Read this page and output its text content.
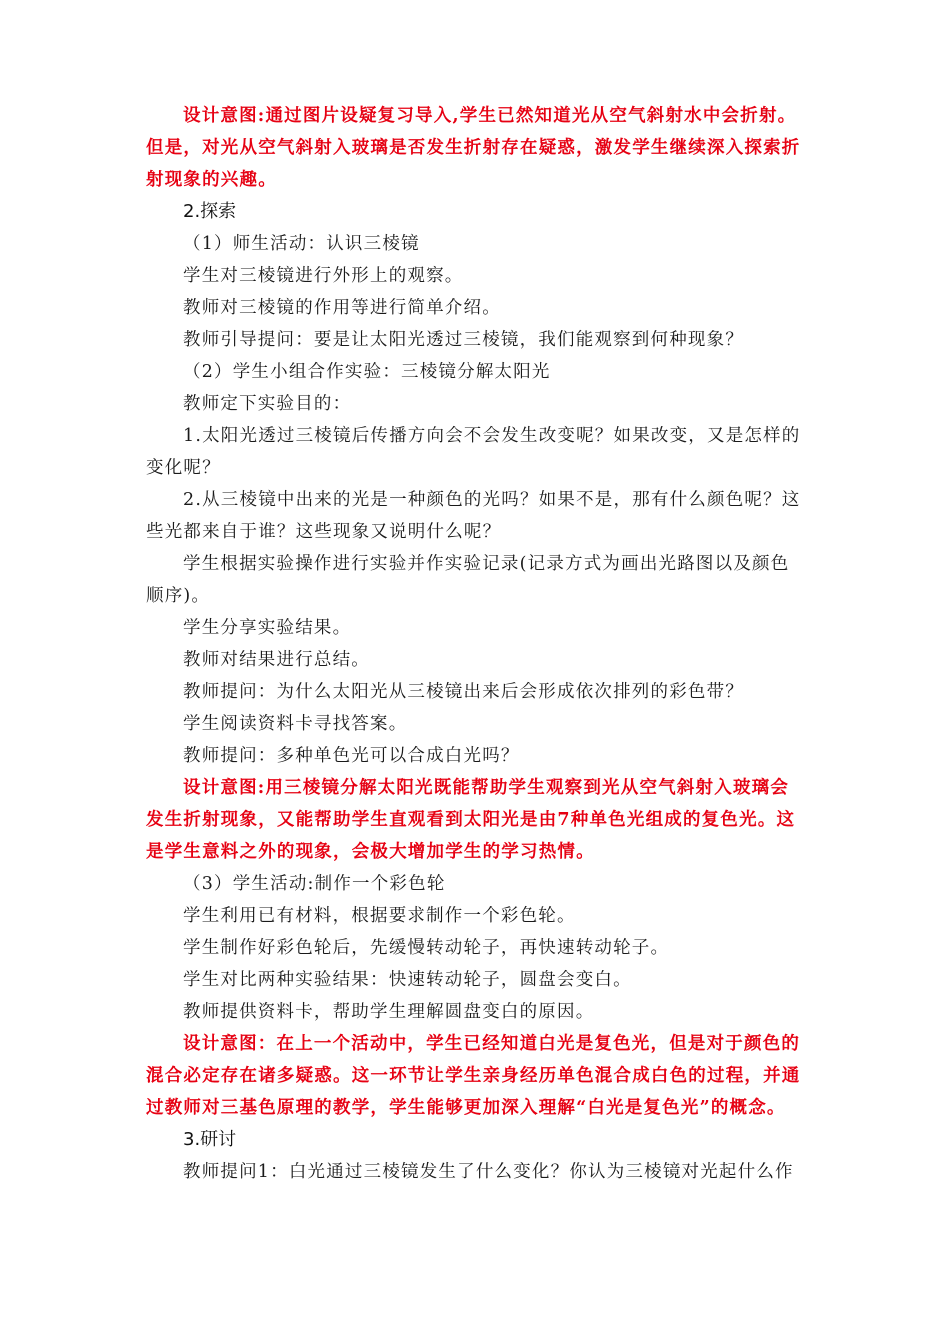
设计意图:通过图片设疑复习导入,学生已然知道光从空气斜射水中会折射。
但是，对光从空气斜射入玻璃是否发生折射存在疑惑，激发学生继续深入探索折
射现象的兴趣。
2.探索
（1）师生活动：认识三棱镜
学生对三棱镜进行外形上的观察。
教师对三棱镜的作用等进行简单介绍。
教师引导提问：要是让太阳光透过三棱镜，我们能观察到何种现象？
（2）学生小组合作实验：三棱镜分解太阳光
教师定下实验目的：
1.太阳光透过三棱镜后传播方向会不会发生改变呢？如果改变，又是怎样的
变化呢？
2.从三棱镜中出来的光是一种颜色的光吗？如果不是，那有什么颜色呢？这
些光都来自于谁？这些现象又说明什么呢？
学生根据实验操作进行实验并作实验记录(记录方式为画出光路图以及颜色
顺序)。
学生分享实验结果。
教师对结果进行总结。
教师提问：为什么太阳光从三棱镜出来后会形成依次排列的彩色带？
学生阅读资料卡寻找答案。
教师提问：多种单色光可以合成白光吗？
设计意图:用三棱镜分解太阳光既能帮助学生观察到光从空气斜射入玻璃会
发生折射现象，又能帮助学生直观看到太阳光是由7种单色光组成的复色光。这
是学生意料之外的现象，会极大增加学生的学习热情。
（3）学生活动:制作一个彩色轮
学生利用已有材料，根据要求制作一个彩色轮。
学生制作好彩色轮后，先缓慢转动轮子，再快速转动轮子。
学生对比两种实验结果：快速转动轮子，圆盘会变白。
教师提供资料卡，帮助学生理解圆盘变白的原因。
设计意图：在上一个活动中，学生已经知道白光是复色光，但是对于颜色的
混合必定存在诸多疑惑。这一环节让学生亲身经历单色混合成白色的过程，并通
过教师对三基色原理的教学，学生能够更加深入理解“白光是复色光”的概念。
3.研讨
教师提问1：白光通过三棱镜发生了什么变化？你认为三棱镜对光起什么作
